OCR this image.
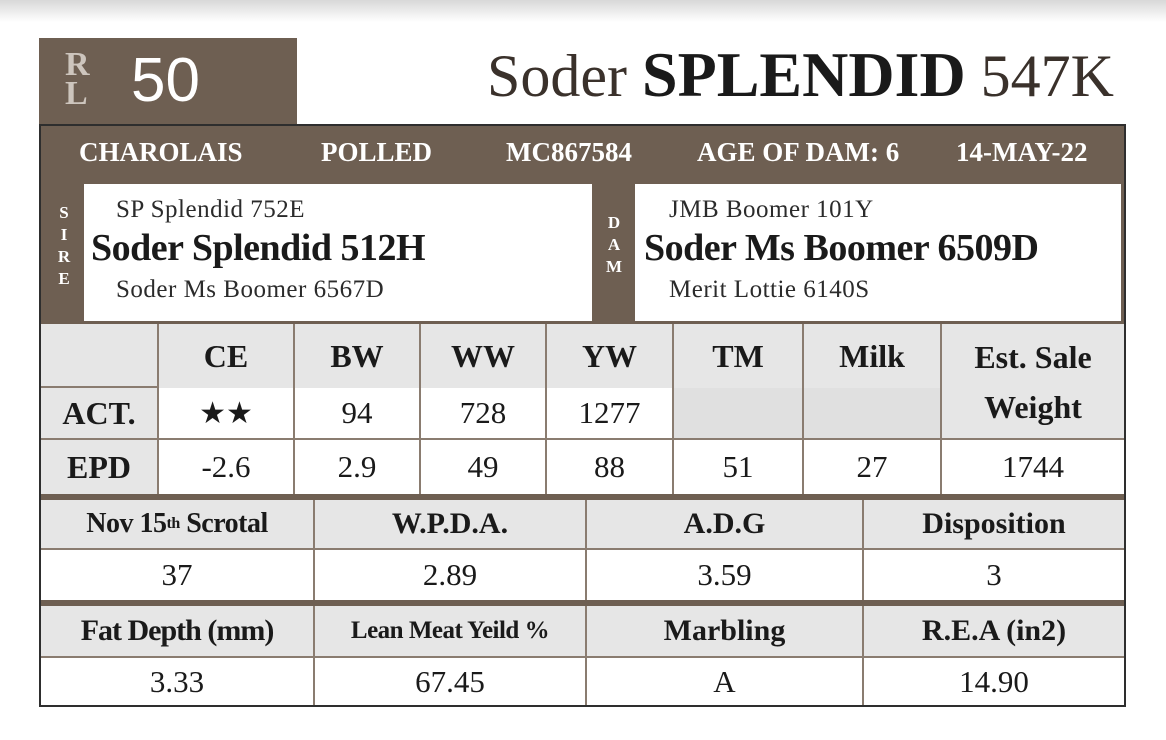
R
L 50	Soder SPLENDID 547K
CHAROLAIS	POLLED	MC867584 AGE OF DAM: 6 14-MAY-22
S
I
R
E
SP Splendid 752E
Soder Splendid 512H
Soder Ms Boomer 6567D
D
A
M
JMB Boomer 101Y
Soder Ms Boomer 6509D
Merit Lottie 6140S
CE	BW	WW	YW	TM	Milk	Est. Sale Weight
ACT.	★★	94	728	1277
EPD	-2.6	2.9	49	88	51	27	1744
Nov 15 th Scrotal	W.P.D.A.	A.D.G	Disposition
37	2.89	3.59	3
Fat Depth (mm)	Lean Meat Yeild %	Marbling	R.E.A (in2)
3.33	67.45	A	14.90
